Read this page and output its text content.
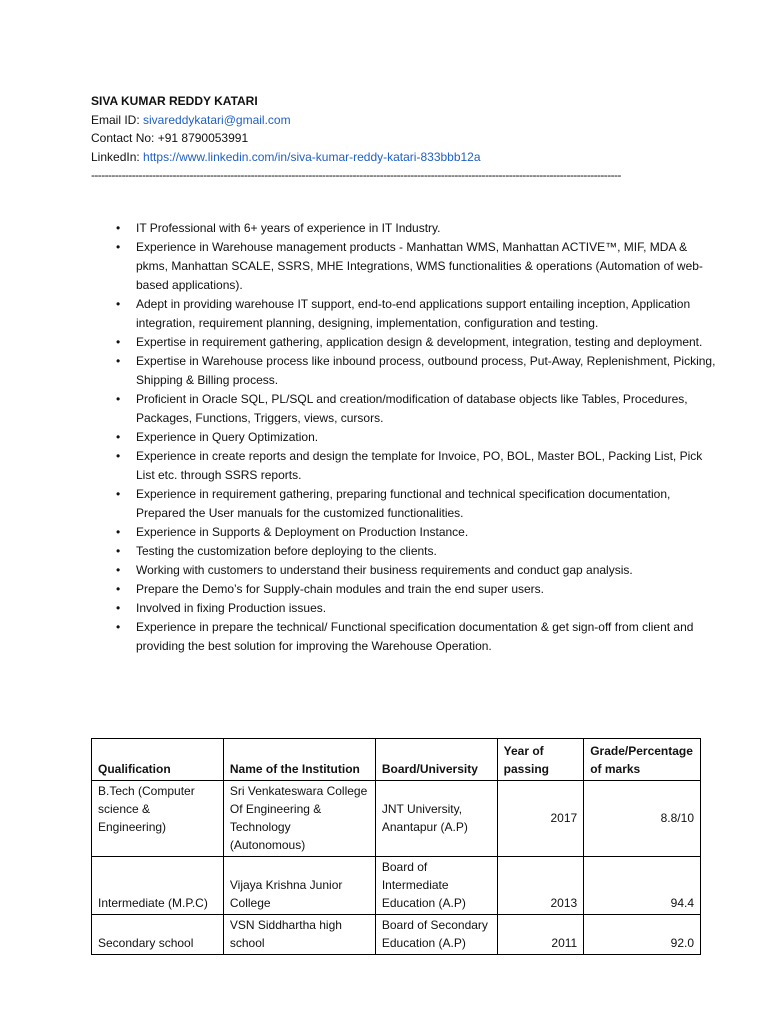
SIVA KUMAR REDDY KATARI
Email ID: sivareddykatari@gmail.com
Contact No: +91 8790053991
LinkedIn: https://www.linkedin.com/in/siva-kumar-reddy-katari-833bbb12a
------------------------------------------------------------------------------------------------------------------------------------------------------------
• IT Professional with 6+ years of experience in IT Industry.
• Experience in Warehouse management products - Manhattan WMS, Manhattan ACTIVE™, MIF, MDA & pkms, Manhattan SCALE, SSRS, MHE Integrations, WMS functionalities & operations (Automation of web-based applications).
• Adept in providing warehouse IT support, end-to-end applications support entailing inception, Application integration, requirement planning, designing, implementation, configuration and testing.
• Expertise in requirement gathering, application design & development, integration, testing and deployment.
• Expertise in Warehouse process like inbound process, outbound process, Put-Away, Replenishment, Picking, Shipping & Billing process.
• Proficient in Oracle SQL, PL/SQL and creation/modification of database objects like Tables, Procedures, Packages, Functions, Triggers, views, cursors.
• Experience in Query Optimization.
• Experience in create reports and design the template for Invoice, PO, BOL, Master BOL, Packing List, Pick List etc. through SSRS reports.
• Experience in requirement gathering, preparing functional and technical specification documentation, Prepared the User manuals for the customized functionalities.
• Experience in Supports & Deployment on Production Instance.
• Testing the customization before deploying to the clients.
• Working with customers to understand their business requirements and conduct gap analysis.
• Prepare the Demo’s for Supply-chain modules and train the end super users.
• Involved in fixing Production issues.
• Experience in prepare the technical/ Functional specification documentation & get sign-off from client and providing the best solution for improving the Warehouse Operation.
Qualification	Name of the Institution	Board/University	Year of passing	Grade/Percentage of marks
B.Tech (Computer science & Engineering)	Sri Venkateswara College Of Engineering & Technology (Autonomous)	JNT University, Anantapur (A.P)	2017	8.8/10
Intermediate (M.P.C)	Vijaya Krishna Junior College	Board of Intermediate Education (A.P)	2013	94.4
Secondary school	VSN Siddhartha high school	Board of Secondary Education (A.P)	2011	92.0
